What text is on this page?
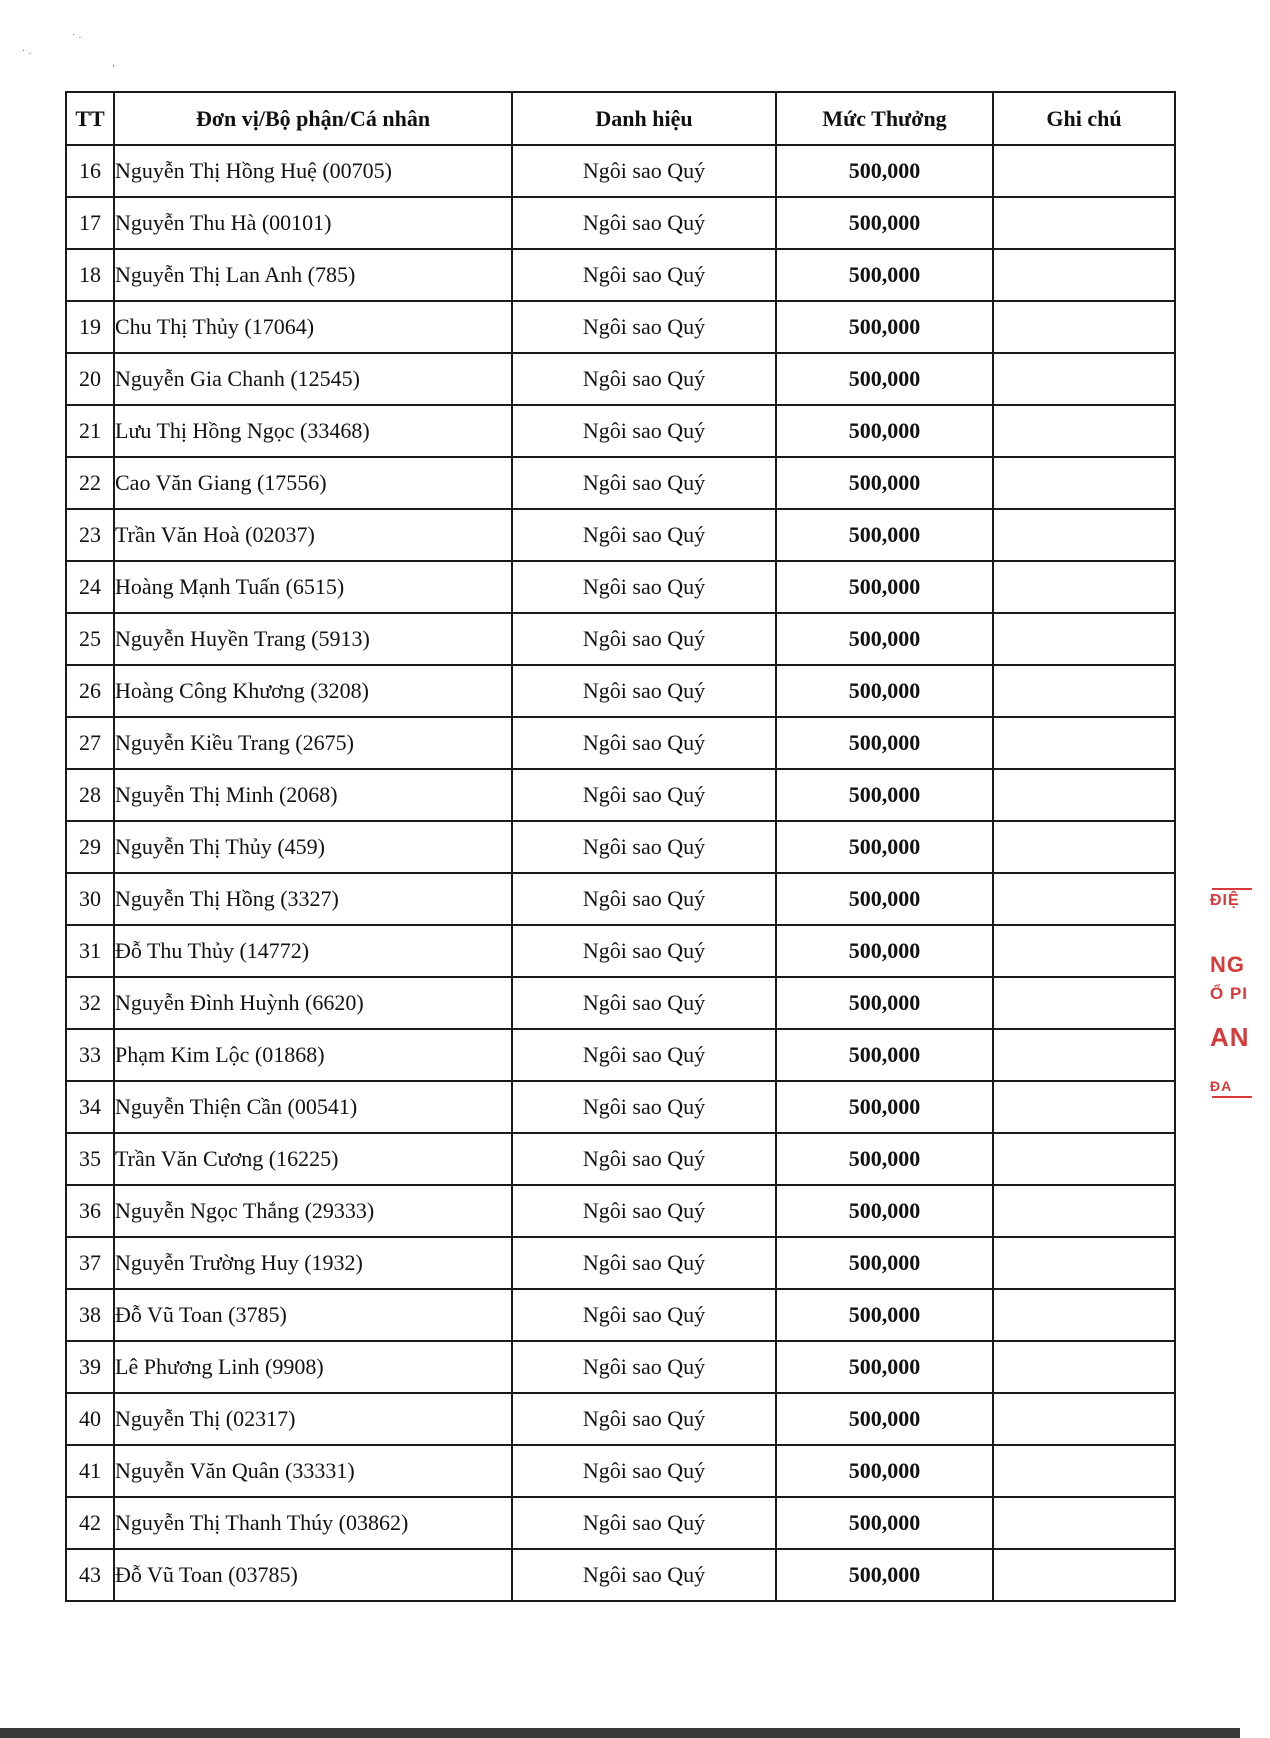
· .
· .
,
TT	Đơn vị/Bộ phận/Cá nhân	Danh hiệu	Mức Thưởng	Ghi chú
16	Nguyễn Thị Hồng Huệ (00705)	Ngôi sao Quý	500,000	
17	Nguyễn Thu Hà (00101)	Ngôi sao Quý	500,000	
18	Nguyễn Thị Lan Anh (785)	Ngôi sao Quý	500,000	
19	Chu Thị Thủy (17064)	Ngôi sao Quý	500,000	
20	Nguyễn Gia Chanh (12545)	Ngôi sao Quý	500,000	
21	Lưu Thị Hồng Ngọc (33468)	Ngôi sao Quý	500,000	
22	Cao Văn Giang (17556)	Ngôi sao Quý	500,000	
23	Trần Văn Hoà (02037)	Ngôi sao Quý	500,000	
24	Hoàng Mạnh Tuấn (6515)	Ngôi sao Quý	500,000	
25	Nguyễn Huyền Trang (5913)	Ngôi sao Quý	500,000	
26	Hoàng Công Khương (3208)	Ngôi sao Quý	500,000	
27	Nguyễn Kiều Trang (2675)	Ngôi sao Quý	500,000	
28	Nguyễn Thị Minh (2068)	Ngôi sao Quý	500,000	
29	Nguyễn Thị Thủy (459)	Ngôi sao Quý	500,000	
30	Nguyễn Thị Hồng (3327)	Ngôi sao Quý	500,000	
31	Đỗ Thu Thủy (14772)	Ngôi sao Quý	500,000	
32	Nguyễn Đình Huỳnh (6620)	Ngôi sao Quý	500,000	
33	Phạm Kim Lộc (01868)	Ngôi sao Quý	500,000	
34	Nguyễn Thiện Cần (00541)	Ngôi sao Quý	500,000	
35	Trần Văn Cương (16225)	Ngôi sao Quý	500,000	
36	Nguyễn Ngọc Thắng (29333)	Ngôi sao Quý	500,000	
37	Nguyễn Trường Huy (1932)	Ngôi sao Quý	500,000	
38	Đỗ Vũ Toan (3785)	Ngôi sao Quý	500,000	
39	Lê Phương Linh (9908)	Ngôi sao Quý	500,000	
40	Nguyễn Thị (02317)	Ngôi sao Quý	500,000	
41	Nguyễn Văn Quân (33331)	Ngôi sao Quý	500,000	
42	Nguyễn Thị Thanh Thúy (03862)	Ngôi sao Quý	500,000	
43	Đỗ Vũ Toan (03785)	Ngôi sao Quý	500,000	
ĐIỆ
NG
Ổ PI
AN
ĐA
